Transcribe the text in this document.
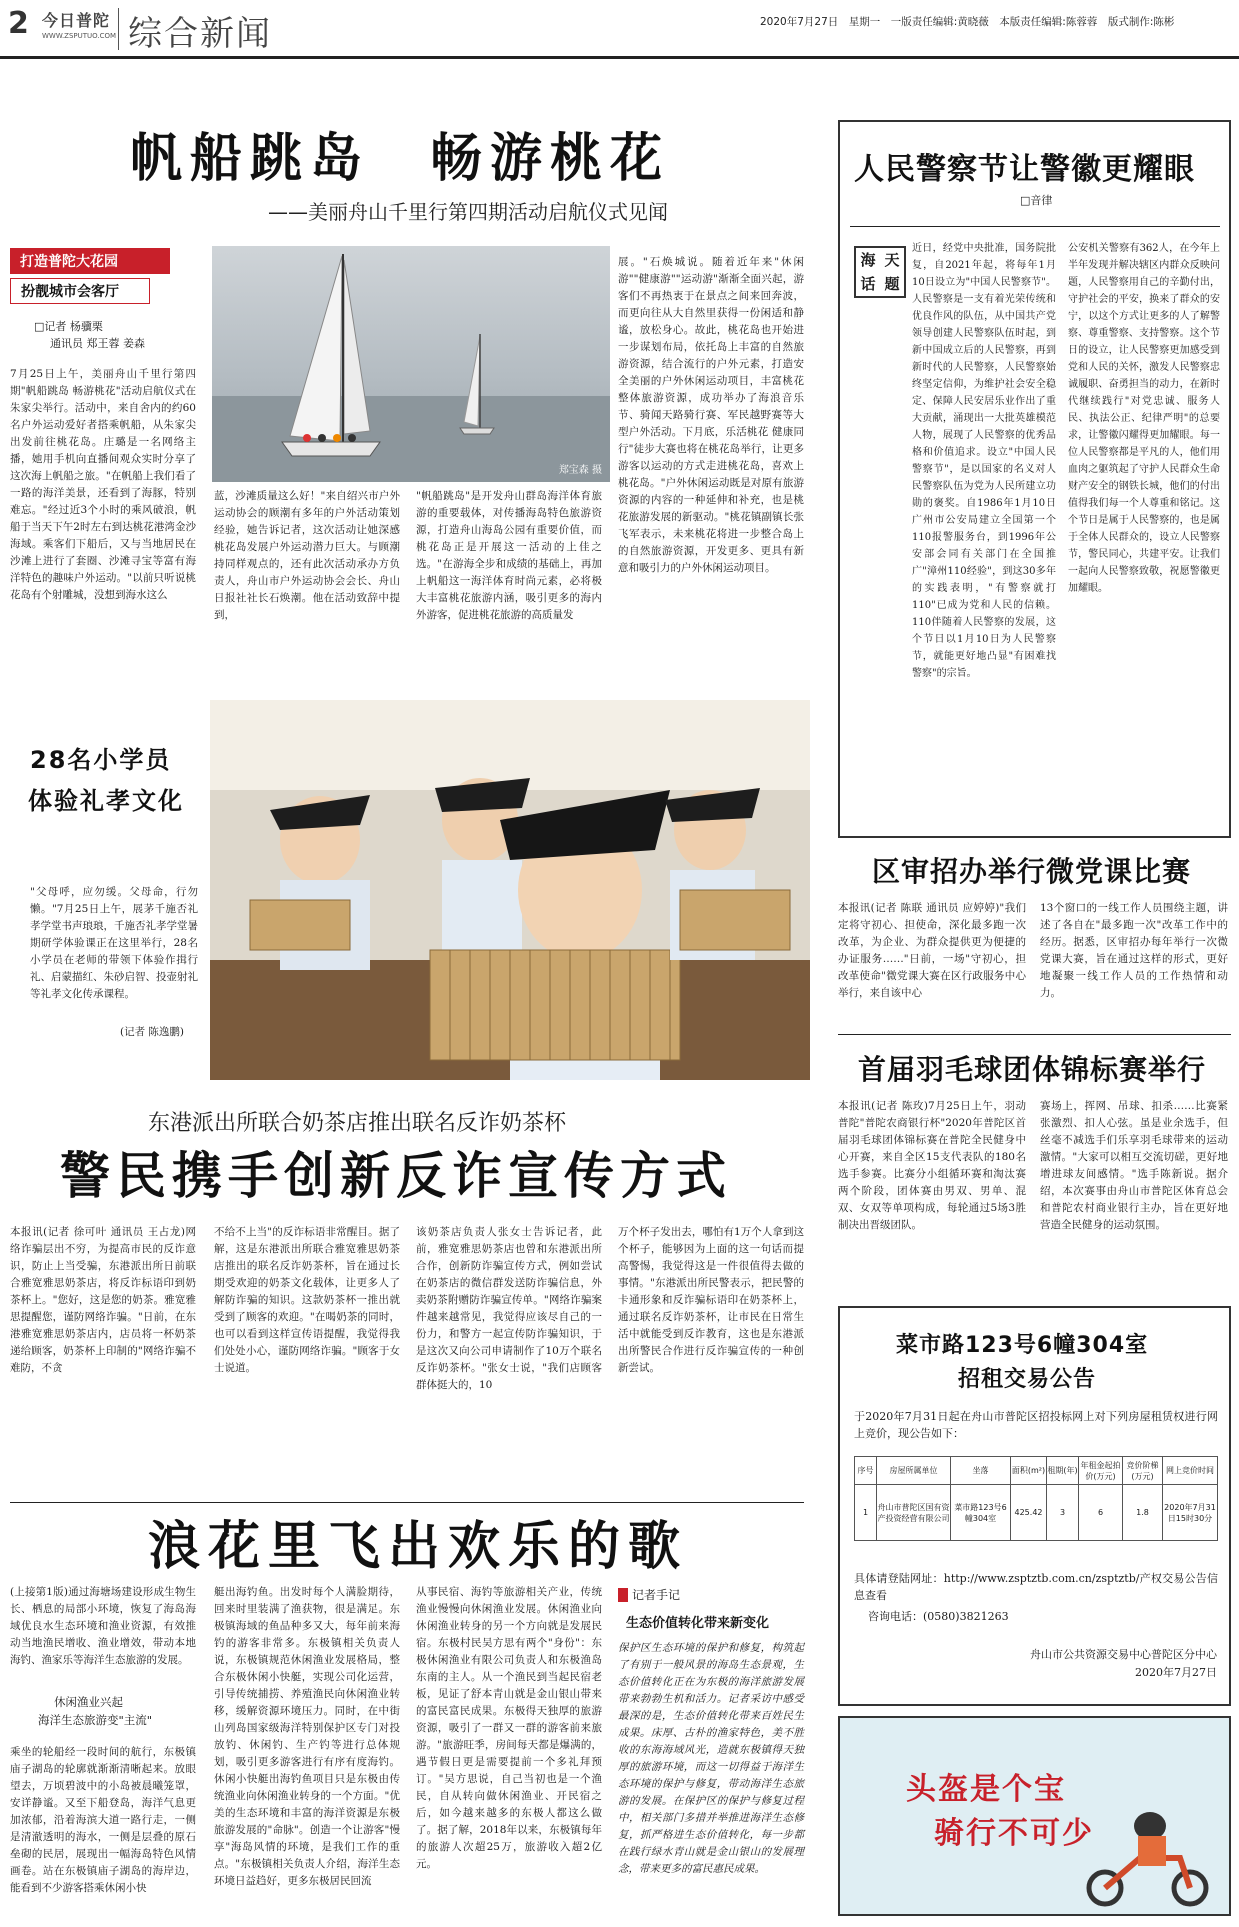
2 今日普陀
WWW.ZSPUTUO.COM 综合新闻	2020年7月27日　星期一　一版责任编辑:黄晓薇　本版责任编辑:陈蓉蓉　版式制作:陈彬
帆船跳岛　畅游桃花
——美丽舟山千里行第四期活动启航仪式见闻
打造普陀大花园
扮靓城市会客厅
□记者 杨骥栗
通讯员 郑王蓉 姜森
郑宝森 摄
7月25日上午，美丽舟山千里行第四期"帆船跳岛 畅游桃花"活动启航仪式在朱家尖举行。活动中，来自舍内的约60名户外运动爱好者搭乘帆船，从朱家尖出发前往桃花岛。庄璐是一名网络主播，她用手机向直播间观众实时分享了这次海上帆船之旅。"在帆船上我们看了一路的海洋美景，还看到了海豚，特别难忘。"经过近3个小时的乘风破浪，帆船于当天下午2时左右到达桃花港湾金沙海域。乘客们下船后，又与当地居民在沙滩上进行了套圈、沙滩寻宝等富有海洋特色的趣味户外运动。"以前只听说桃花岛有个射雕城，没想到海水这么
蓝，沙滩质量这么好！"来自绍兴市户外运动协会的顾潮有多年的户外活动策划经验，她告诉记者，这次活动让她深感桃花岛发展户外运动潜力巨大。与顾潮持同样观点的，还有此次活动承办方负责人，舟山市户外运动协会会长、舟山日报社社长石焕潮。他在活动致辞中提到，
"帆船跳岛"是开发舟山群岛海洋体育旅游的重要载体，对传播海岛特色旅游资源，打造舟山海岛公园有重要价值，而桃花岛正是开展这一活动的上佳之选。"在游海全步和成绩的基础上，再加上帆船这一海洋体育时尚元素，必将极大丰富桃花旅游内涵，吸引更多的海内外游客，促进桃花旅游的高质量发
展。"石焕城说。随着近年来"休闲游""健康游""运动游"渐渐全面兴起，游客们不再热衷于在景点之间来回奔波，而更向往从大自然里获得一份闲适和静谧，放松身心。故此，桃花岛也开始进一步谋划布局，依托岛上丰富的自然旅游资源，结合流行的户外元素，打造安全美丽的户外休闲运动项目，丰富桃花整体旅游资源，成功举办了海浪音乐节、骑闻天路骑行赛、军民越野赛等大型户外活动。下月底，乐活桃花 健康同行"徒步大赛也将在桃花岛举行，让更多游客以运动的方式走进桃花岛，喜欢上桃花岛。"户外休闲运动既是对原有旅游资源的内容的一种延伸和补充，也是桃花旅游发展的新驱动。"桃花镇副镇长张飞军表示，未来桃花将进一步整合岛上的自然旅游资源，开发更多、更具有新意和吸引力的户外休闲运动项目。
人民警察节让警徽更耀眼
□音律
海 天
话 题
近日，经党中央批准，国务院批复，自2021年起，将每年1月10日设立为"中国人民警察节"。人民警察是一支有着光荣传统和优良作风的队伍，从中国共产党领导创建人民警察队伍时起，到新中国成立后的人民警察，再到新时代的人民警察，人民警察始终坚定信仰，为维护社会安全稳定、保障人民安居乐业作出了重大贡献，涌现出一大批英雄模范人物，展现了人民警察的优秀品格和价值追求。设立"中国人民警察节"，是以国家的名义对人民警察队伍为党为人民所建立功勋的褒奖。自1986年1月10日广州市公安局建立全国第一个110报警服务台，到1996年公安部会同有关部门在全国推广"漳州110经验"，到这30多年的实践表明，"有警察就打110"已成为党和人民的信赖。110伴随着人民警察的发展，这个节日以1月10日为人民警察节，就能更好地凸显"有困难找警察"的宗旨。
公安机关警察有362人，在今年上半年发现并解决辖区内群众反映问题，人民警察用自己的辛勤付出，守护社会的平安，换来了群众的安宁，以这个方式让更多的人了解警察、尊重警察、支持警察。这个节日的设立，让人民警察更加感受到党和人民的关怀，激发人民警察忠诚履职、奋勇担当的动力，在新时代继续践行"对党忠诚、服务人民、执法公正、纪律严明"的总要求，让警徽闪耀得更加耀眼。每一位人民警察都是平凡的人，他们用血肉之躯筑起了守护人民群众生命财产安全的钢铁长城，他们的付出值得我们每一个人尊重和铭记。这个节日是属于人民警察的，也是属于全体人民群众的，设立人民警察节，警民同心，共建平安。让我们一起向人民警察致敬，祝愿警徽更加耀眼。
28名小学员
体验礼孝文化
"父母呼，应勿缓。父母命，行勿懒。"7月25日上午，展茅千施否礼孝学堂书声琅琅，千施否礼孝学堂暑期研学体验课正在这里举行，28名小学员在老师的带领下体验作揖行礼、启蒙描红、朱砂启智、投壶射礼等礼孝文化传承课程。
(记者 陈逸鹏)
区审招办举行微党课比赛
本报讯(记者 陈联 通讯员 应婷婷)"我们定将守初心、担使命，深化最多跑一次改革，为企业、为群众提供更为便捷的办证服务……"日前，一场"守初心，担改革使命"微党课大赛在区行政服务中心举行，来自该中心
13个窗口的一线工作人员围绕主题，讲述了各自在"最多跑一次"改革工作中的经历。据悉，区审招办每年举行一次微党课大赛，旨在通过这样的形式，更好地凝聚一线工作人员的工作热情和动力。
首届羽毛球团体锦标赛举行
本报讯(记者 陈玫)7月25日上午，羽动普陀"普陀农商银行杯"2020年普陀区首届羽毛球团体锦标赛在普陀全民健身中心开赛，来自全区15支代表队的180名选手参赛。比赛分小组循环赛和淘汰赛两个阶段，团体赛由男双、男单、混双、女双等单项构成，每轮通过5场3胜制决出晋级团队。
赛场上，挥网、吊球、扣杀……比赛紧张激烈、扣人心弦。虽是业余选手，但丝毫不减选手们乐享羽毛球带来的运动激情。"大家可以相互交流切磋，更好地增进球友间感情。"选手陈新说。据介绍，本次赛事由舟山市普陀区体育总会和普陀农村商业银行主办，旨在更好地营造全民健身的运动氛围。
东港派出所联合奶茶店推出联名反诈奶茶杯
警民携手创新反诈宣传方式
本报讯(记者 徐可叶 通讯员 王占龙)网络诈骗层出不穷，为提高市民的反诈意识，防止上当受骗，东港派出所日前联合雅宽雅思奶茶店，将反诈标语印到奶茶杯上。"您好，这是您的奶茶。雅宽雅思提醒您，谨防网络诈骗。"日前，在东港雅宽雅思奶茶店内，店员将一杯奶茶递给顾客，奶茶杯上印制的"网络诈骗不难防，不贪
不给不上当"的反诈标语非常醒目。据了解，这是东港派出所联合雅宽雅思奶茶店推出的联名反诈奶茶杯，旨在通过长期受欢迎的奶茶文化载体，让更多人了解防诈骗的知识。这款奶茶杯一推出就受到了顾客的欢迎。"在喝奶茶的同时，也可以看到这样宣传语提醒，我觉得我们处处小心，谨防网络诈骗。"顾客于女士说道。
该奶茶店负责人张女士告诉记者，此前，雅宽雅思奶茶店也曾和东港派出所合作，创新防诈骗宣传方式，例如尝试在奶茶店的微信群发送防诈骗信息，外卖奶茶附赠防诈骗宣传单。"网络诈骗案件越来越常见，我觉得应该尽自己的一份力，和警方一起宣传防诈骗知识，于是这次又向公司申请制作了10万个联名反诈奶茶杯。"张女士说，"我们店顾客群体挺大的，10
万个杯子发出去，哪怕有1万个人拿到这个杯子，能够因为上面的这一句话而提高警惕，我觉得这是一件很值得去做的事情。"东港派出所民警表示，把民警的卡通形象和反诈骗标语印在奶茶杯上，通过联名反诈奶茶杯，让市民在日常生活中就能受到反诈教育，这也是东港派出所警民合作进行反诈骗宣传的一种创新尝试。
菜市路123号6幢304室
招租交易公告
于2020年7月31日起在舟山市普陀区招投标网上对下列房屋租赁权进行网上竞价，现公告如下：
序号	房屋所属单位	坐落	面积(m²)	租期(年)	年租金起拍价(万元)	竞价阶梯(万元)	网上竞价时间
1	舟山市普陀区国有资产投资经营有限公司	菜市路123号6幢304室	425.42	3	6	1.8	2020年7月31日15时30分
具体请登陆网址：http://www.zsptztb.com.cn/zsptztb/产权交易公告信息查看
咨询电话：(0580)3821263
舟山市公共资源交易中心普陀区分中心
2020年7月27日
浪花里飞出欢乐的歌
(上接第1版)通过海塘场建设形成生物生长、栖息的局部小环境，恢复了海岛海域优良水生态环境和渔业资源，有效推动当地渔民增收、渔业增效，带动本地海钓、渔家乐等海洋生态旅游的发展。
休闲渔业兴起
海洋生态旅游变"主流"
乘坐的轮船经一段时间的航行，东极镇庙子湖岛的轮廓就渐渐清晰起来。放眼望去，万顷碧波中的小岛被晨曦笼罩，安详静谧。又至下船登岛，海洋气息更加浓郁，沿着海滨大道一路行走，一侧是清澈透明的海水，一侧是层叠的原石垒砌的民居，展现出一幅海岛特色风情画卷。站在东极镇庙子湖岛的海岸边，能看到不少游客搭乘休闲小快
艇出海钓鱼。出发时每个人满脸期待，回来时里装满了渔获物，很是满足。东极镇海域的鱼品种多又大，每年前来海钓的游客非常多。东极镇相关负责人说，东极镇规范休闲渔业发展格局，整合东极休闲小快艇，实现公司化运营，引导传统捕捞、养殖渔民向休闲渔业转移，缓解资源环境压力。同时，在中街山列岛国家级海洋特别保护区专门对投放钓、休闲钓、生产钓等进行总体规划，吸引更多游客进行有序有度海钓。休闲小快艇出海钓鱼项目只是东极由传统渔业向休闲渔业转身的一个方面。"优美的生态环境和丰富的海洋资源是东极旅游发展的"命脉"。创造一个让游客"慢享"海岛风情的环境，是我们工作的重点。"东极镇相关负责人介绍，海洋生态环境日益趋好，更多东极居民回流
从事民宿、海钓等旅游相关产业，传统渔业慢慢向休闲渔业发展。休闲渔业向休闲渔业转身的另一个方向就是发展民宿。东极村民吴方思有两个"身份"：东极休闲渔业有限公司负责人和东极渔岛东南的主人。从一个渔民到当起民宿老板，见证了舒本青山就是金山银山带来的富民富民成果。东极得天独厚的旅游资源，吸引了一群又一群的游客前来旅游。"旅游旺季，房间每天都是爆满的，遇节假日更是需要提前一个多礼拜预订。"吴方思说，自己当初也是一个渔民，自从转向做休闲渔业、开民宿之后，如今越来越多的东极人都这么做了。据了解，2018年以来，东极镇每年的旅游人次超25万，旅游收入超2亿元。
记者手记
生态价值转化带来新变化
保护区生态环境的保护和修复，构筑起了有别于一般风景的海岛生态景观，生态价值转化正在为东极的海洋旅游发展带来勃勃生机和活力。记者采访中感受最深的是，生态价值转化带来百姓民生成果。床厚、古朴的渔家特色，美不胜收的东海海域风光，造就东极镇得天独厚的旅游环境，而这一切得益于海洋生态环境的保护与修复，带动海洋生态旅游的发展。在保护区的保护与修复过程中，相关部门多措并举推进海洋生态修复，抓严格进生态价值转化，每一步都在践行绿水青山就是金山银山的发展理念，带来更多的富民惠民成果。
头盔是个宝
骑行不可少
